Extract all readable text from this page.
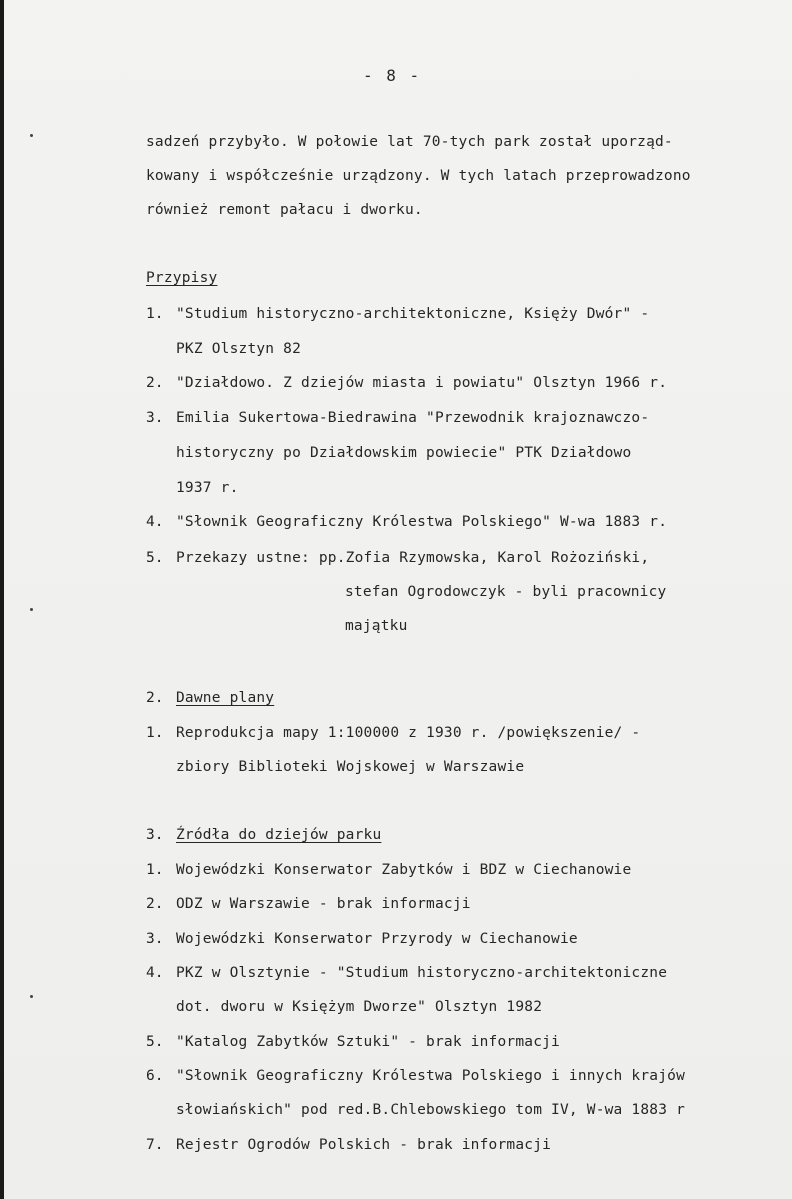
- 8 -
sadzeń przybyło. W połowie lat 70-tych park został uporząd-
kowany i współcześnie urządzony. W tych latach przeprowadzono
również remont pałacu i dworku.
Przypisy
1. "Studium historyczno-architektoniczne, Księży Dwór" -
PKZ Olsztyn 82
2. "Działdowo. Z dziejów miasta i powiatu" Olsztyn 1966 r.
3. Emilia Sukertowa-Biedrawina "Przewodnik krajoznawczo-
historyczny po Działdowskim powiecie" PTK Działdowo
1937 r.
4. "Słownik Geograficzny Królestwa Polskiego" W-wa 1883 r.
5. Przekazy ustne: pp.Zofia Rzymowska, Karol Rożoziński,
stefan Ogrodowczyk - byli pracownicy
majątku
2. Dawne plany
1. Reprodukcja mapy 1:100000 z 1930 r. /powiększenie/ -
zbiory Biblioteki Wojskowej w Warszawie
3. Źródła do dziejów parku
1. Wojewódzki Konserwator Zabytków i BDZ w Ciechanowie
2. ODZ w Warszawie - brak informacji
3. Wojewódzki Konserwator Przyrody w Ciechanowie
4. PKZ w Olsztynie - "Studium historyczno-architektoniczne
dot. dworu w Księżym Dworze" Olsztyn 1982
5. "Katalog Zabytków Sztuki" - brak informacji
6. "Słownik Geograficzny Królestwa Polskiego i innych krajów
słowiańskich" pod red.B.Chlebowskiego tom IV, W-wa 1883 r
7. Rejestr Ogrodów Polskich - brak informacji
